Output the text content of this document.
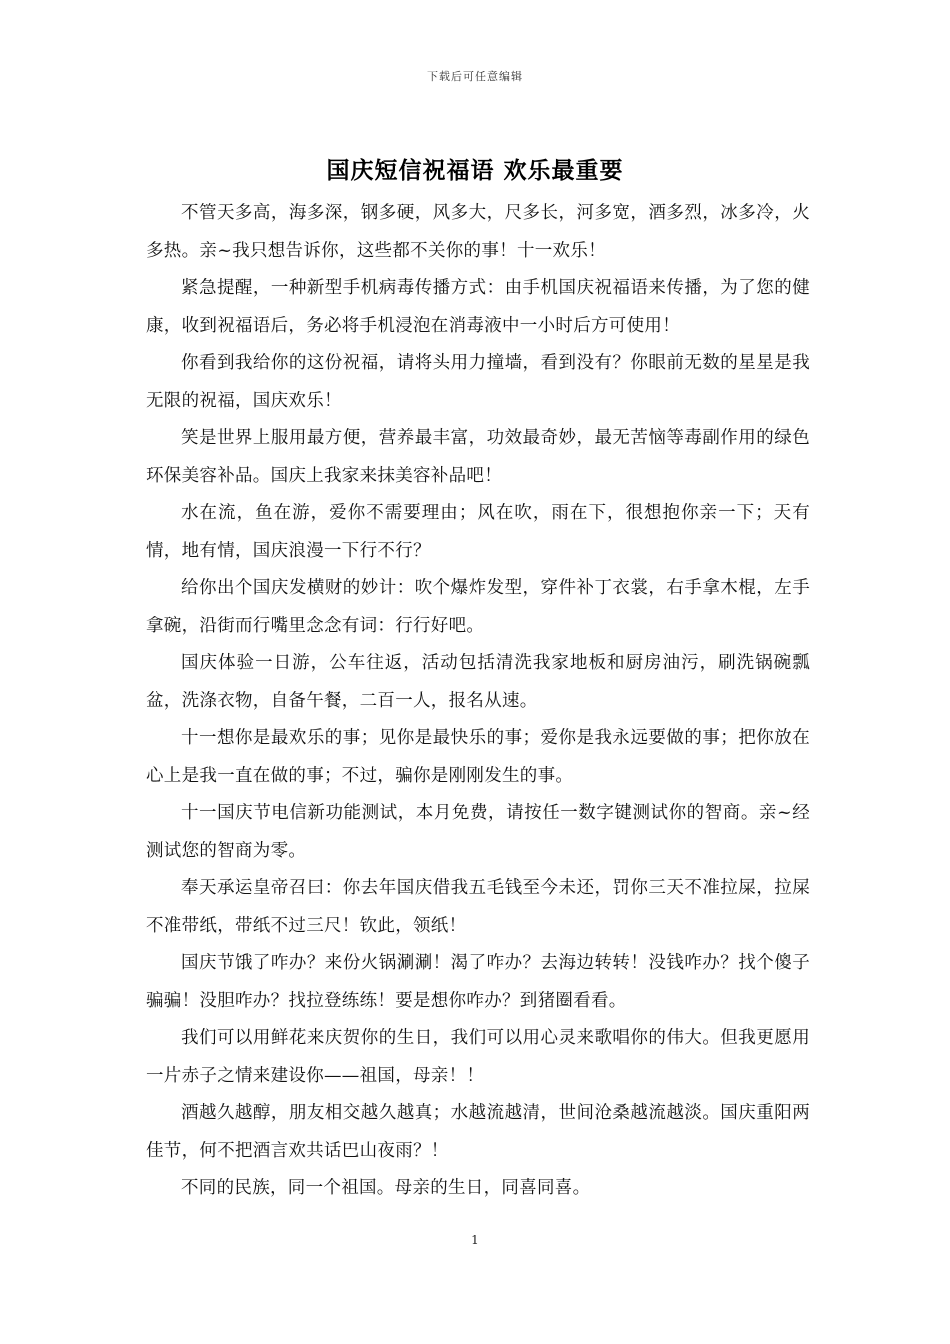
下载后可任意编辑
国庆短信祝福语 欢乐最重要

不管天多高，海多深，钢多硬，风多大，尺多长，河多宽，酒多烈，冰多冷，火多热。亲~我只想告诉你，这些都不关你的事！十一欢乐！

紧急提醒，一种新型手机病毒传播方式：由手机国庆祝福语来传播，为了您的健康，收到祝福语后，务必将手机浸泡在消毒液中一小时后方可使用！

你看到我给你的这份祝福，请将头用力撞墙，看到没有？你眼前无数的星星是我无限的祝福，国庆欢乐！

笑是世界上服用最方便，营养最丰富，功效最奇妙，最无苦恼等毒副作用的绿色环保美容补品。国庆上我家来抹美容补品吧！

水在流，鱼在游，爱你不需要理由；风在吹，雨在下，很想抱你亲一下；天有情，地有情，国庆浪漫一下行不行？

给你出个国庆发横财的妙计：吹个爆炸发型，穿件补丁衣裳，右手拿木棍，左手拿碗，沿街而行嘴里念念有词：行行好吧。

国庆体验一日游，公车往返，活动包括清洗我家地板和厨房油污，刷洗锅碗瓢盆，洗涤衣物，自备午餐，二百一人，报名从速。

十一想你是最欢乐的事；见你是最快乐的事；爱你是我永远要做的事；把你放在心上是我一直在做的事；不过，骗你是刚刚发生的事。

十一国庆节电信新功能测试，本月免费，请按任一数字键测试你的智商。亲~经测试您的智商为零。

奉天承运皇帝召曰：你去年国庆借我五毛钱至今未还，罚你三天不准拉屎，拉屎不准带纸，带纸不过三尺！钦此，领纸！

国庆节饿了咋办？来份火锅涮涮！渴了咋办？去海边转转！没钱咋办？找个傻子骗骗！没胆咋办？找拉登练练！要是想你咋办？到猪圈看看。

我们可以用鲜花来庆贺你的生日，我们可以用心灵来歌唱你的伟大。但我更愿用一片赤子之情来建设你——祖国，母亲！！

酒越久越醇，朋友相交越久越真；水越流越清，世间沧桑越流越淡。国庆重阳两佳节，何不把酒言欢共话巴山夜雨？！

不同的民族，同一个祖国。母亲的生日，同喜同喜。

1
